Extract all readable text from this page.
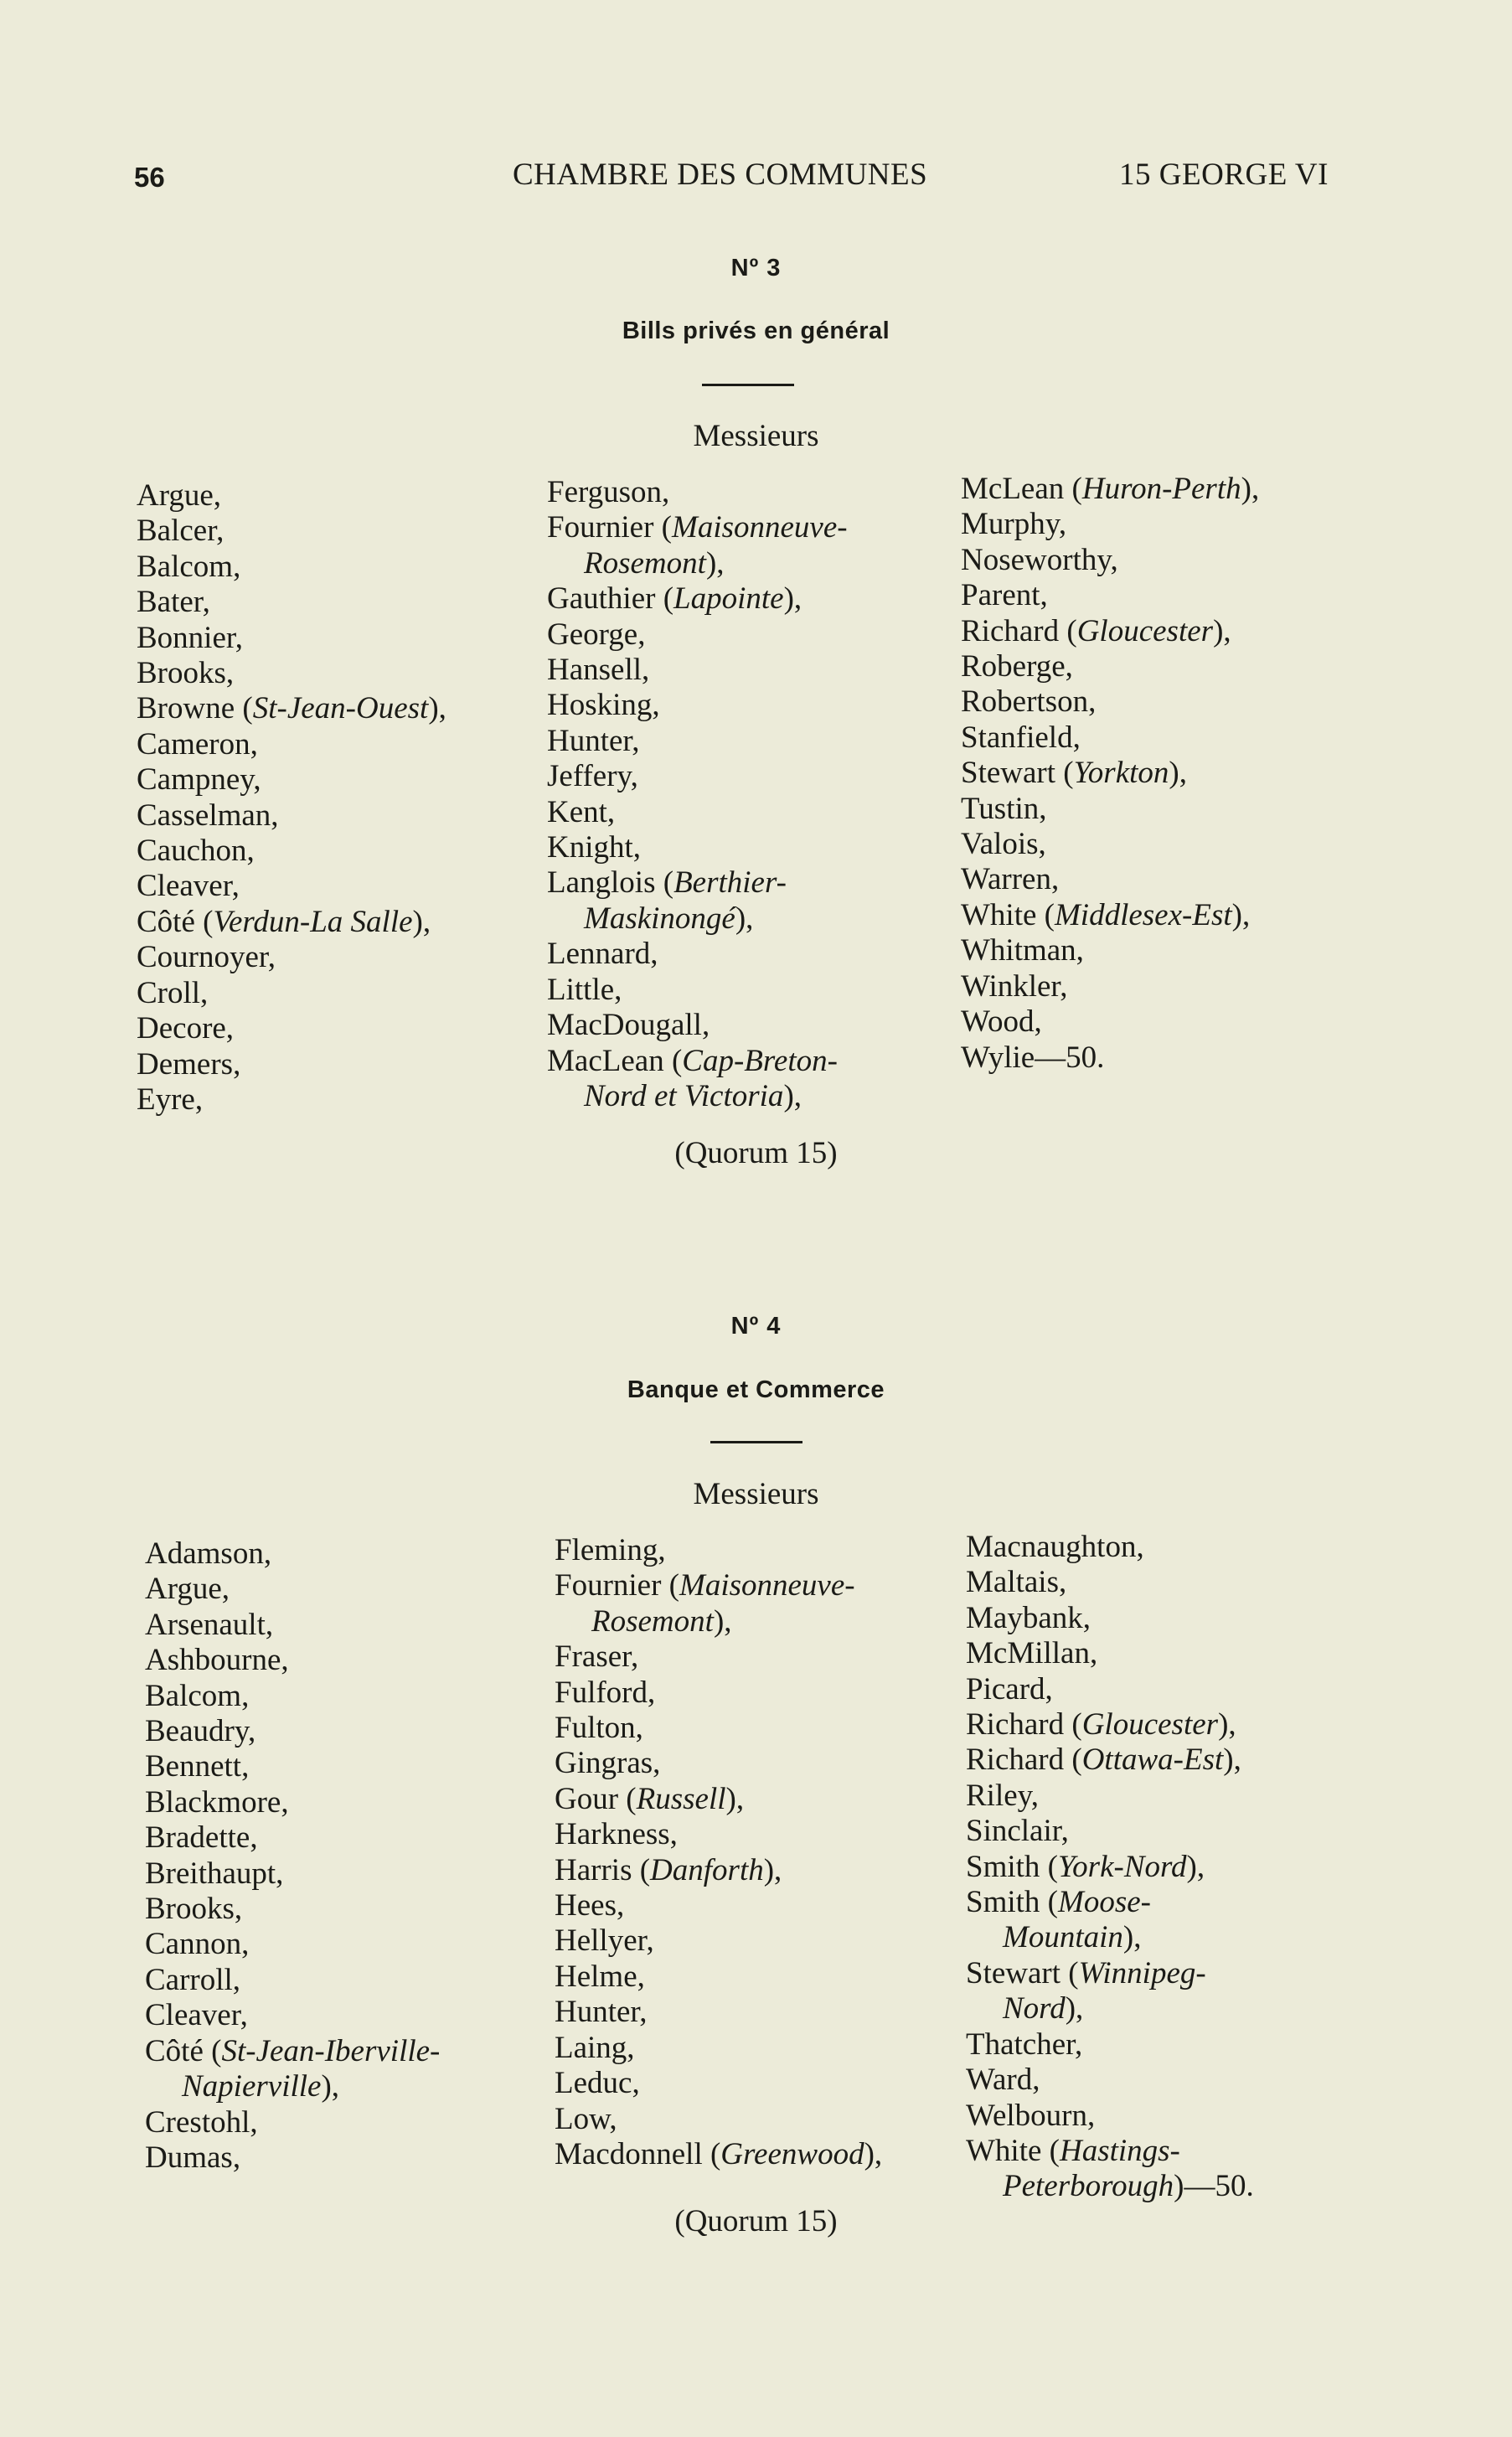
56	CHAMBRE DES COMMUNES	15 GEORGE VI
Nº 3
Bills privés en général
Messieurs
Argue,
Balcer,
Balcom,
Bater,
Bonnier,
Brooks,
Browne (St-Jean-Ouest),
Cameron,
Campney,
Casselman,
Cauchon,
Cleaver,
Côté (Verdun-La Salle),
Cournoyer,
Croll,
Decore,
Demers,
Eyre,
Ferguson,
Fournier (Maisonneuve-
Rosemont),
Gauthier (Lapointe),
George,
Hansell,
Hosking,
Hunter,
Jeffery,
Kent,
Knight,
Langlois (Berthier-
Maskinongé),
Lennard,
Little,
MacDougall,
MacLean (Cap-Breton-
Nord et Victoria),
McLean (Huron-Perth),
Murphy,
Noseworthy,
Parent,
Richard (Gloucester),
Roberge,
Robertson,
Stanfield,
Stewart (Yorkton),
Tustin,
Valois,
Warren,
White (Middlesex-Est),
Whitman,
Winkler,
Wood,
Wylie—50.
(Quorum 15)
Nº 4
Banque et Commerce
Messieurs
Adamson,
Argue,
Arsenault,
Ashbourne,
Balcom,
Beaudry,
Bennett,
Blackmore,
Bradette,
Breithaupt,
Brooks,
Cannon,
Carroll,
Cleaver,
Côté (St-Jean-Iberville-
Napierville),
Crestohl,
Dumas,
Fleming,
Fournier (Maisonneuve-
Rosemont),
Fraser,
Fulford,
Fulton,
Gingras,
Gour (Russell),
Harkness,
Harris (Danforth),
Hees,
Hellyer,
Helme,
Hunter,
Laing,
Leduc,
Low,
Macdonnell (Greenwood),
Macnaughton,
Maltais,
Maybank,
McMillan,
Picard,
Richard (Gloucester),
Richard (Ottawa-Est),
Riley,
Sinclair,
Smith (York-Nord),
Smith (Moose-
Mountain),
Stewart (Winnipeg-
Nord),
Thatcher,
Ward,
Welbourn,
White (Hastings-
Peterborough)—50.
(Quorum 15)
